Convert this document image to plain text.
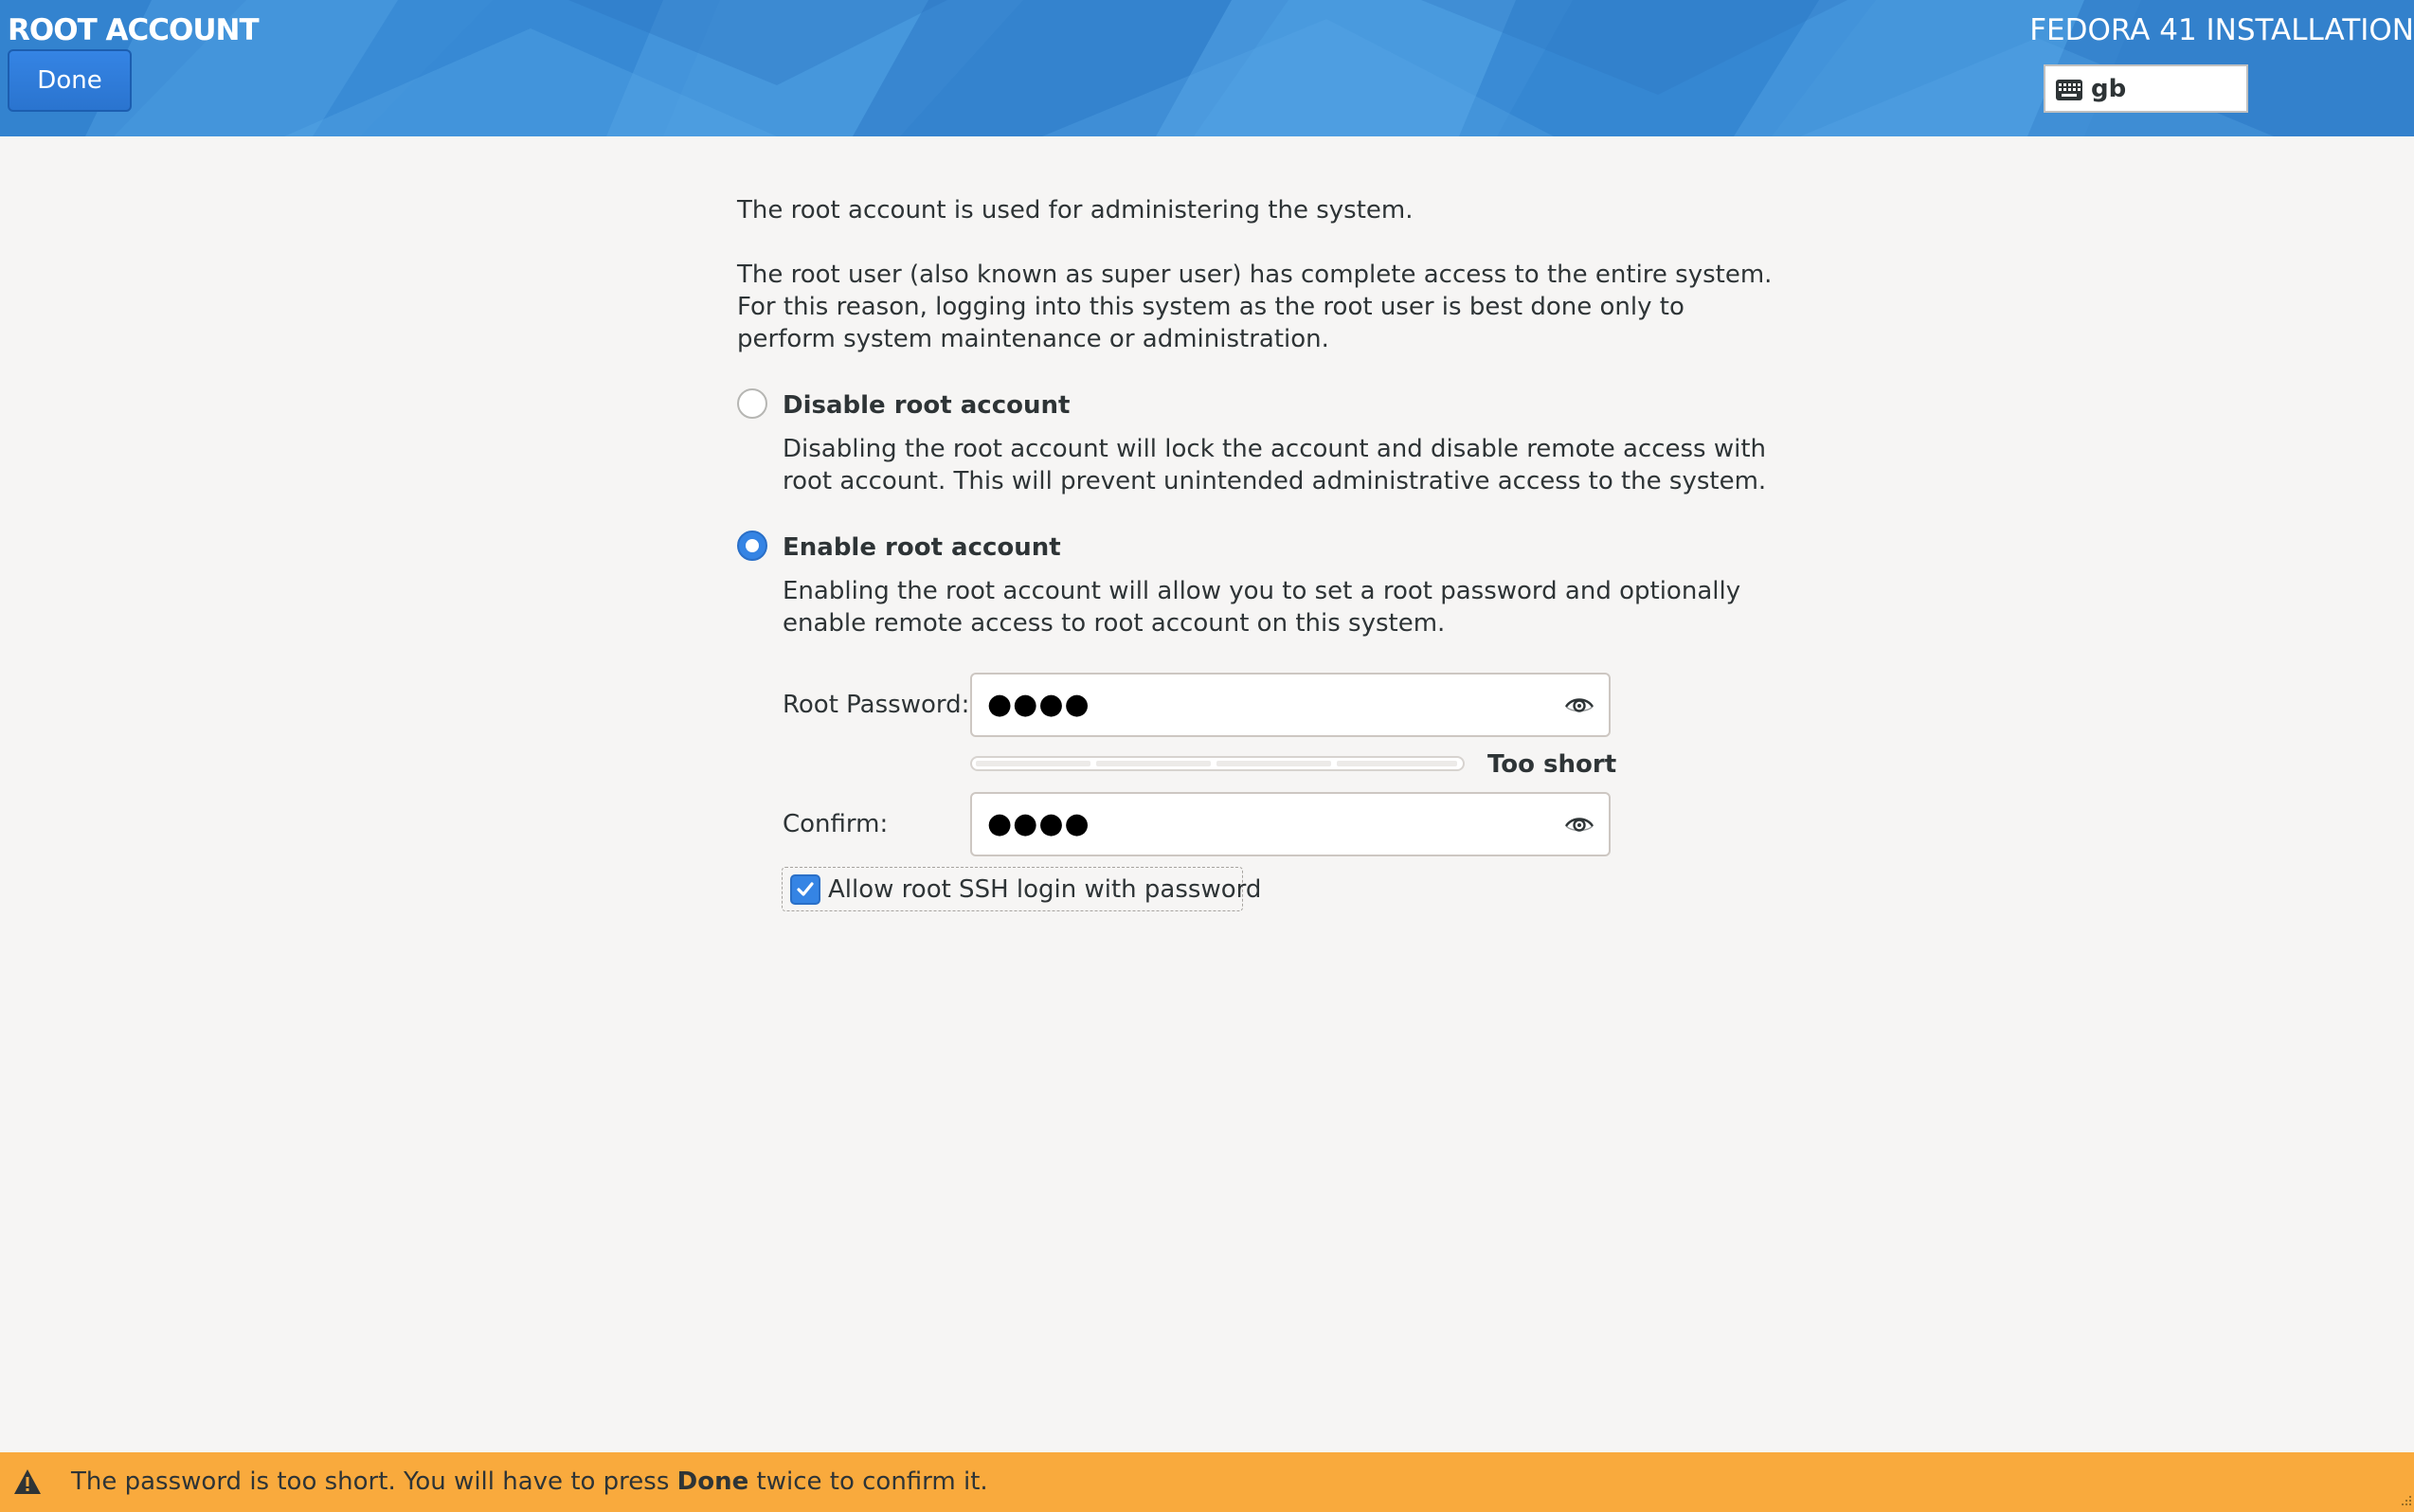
ROOT ACCOUNT
Done
FEDORA 41 INSTALLATION
gb
The root account is used for administering the system.
The root user (also known as super user) has complete access to the entire system.
For this reason, logging into this system as the root user is best done only to
perform system maintenance or administration.
Disable root account
Disabling the root account will lock the account and disable remote access with
root account. This will prevent unintended administrative access to the system.
Enable root account
Enabling the root account will allow you to set a root password and optionally
enable remote access to root account on this system.
Root Password: ●●●●
Too short
Confirm:	●●●●
Allow root SSH login with password
The password is too short. You will have to press Done twice to confirm it.
